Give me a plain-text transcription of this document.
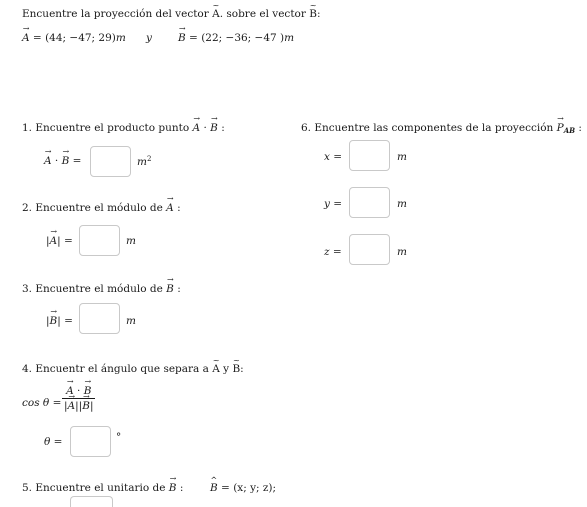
Encuentre la proyección del vector ~ A. sobre el vector ~ B:
→ A = (44; −47; 29)m y → B = (22; −36; −47 )m
1. Encuentre el producto punto → A · → B :
→ A · → B =	$m^2$
2. Encuentre el módulo de → A :
|→ A| =	m
3. Encuentre el módulo de → B :
|→ B| =	m
4. Encuentr el ángulo que separa a ~ A y ~ B:
cos θ =
→ A · → B
|→ A||→ B|
θ =	°
5. Encuentre el unitario de → B :	^ B = (x; y; z);
6. Encuentre las componentes de la proyección → $P_{AB}$ :
x =	m
y =	m
z =	m
